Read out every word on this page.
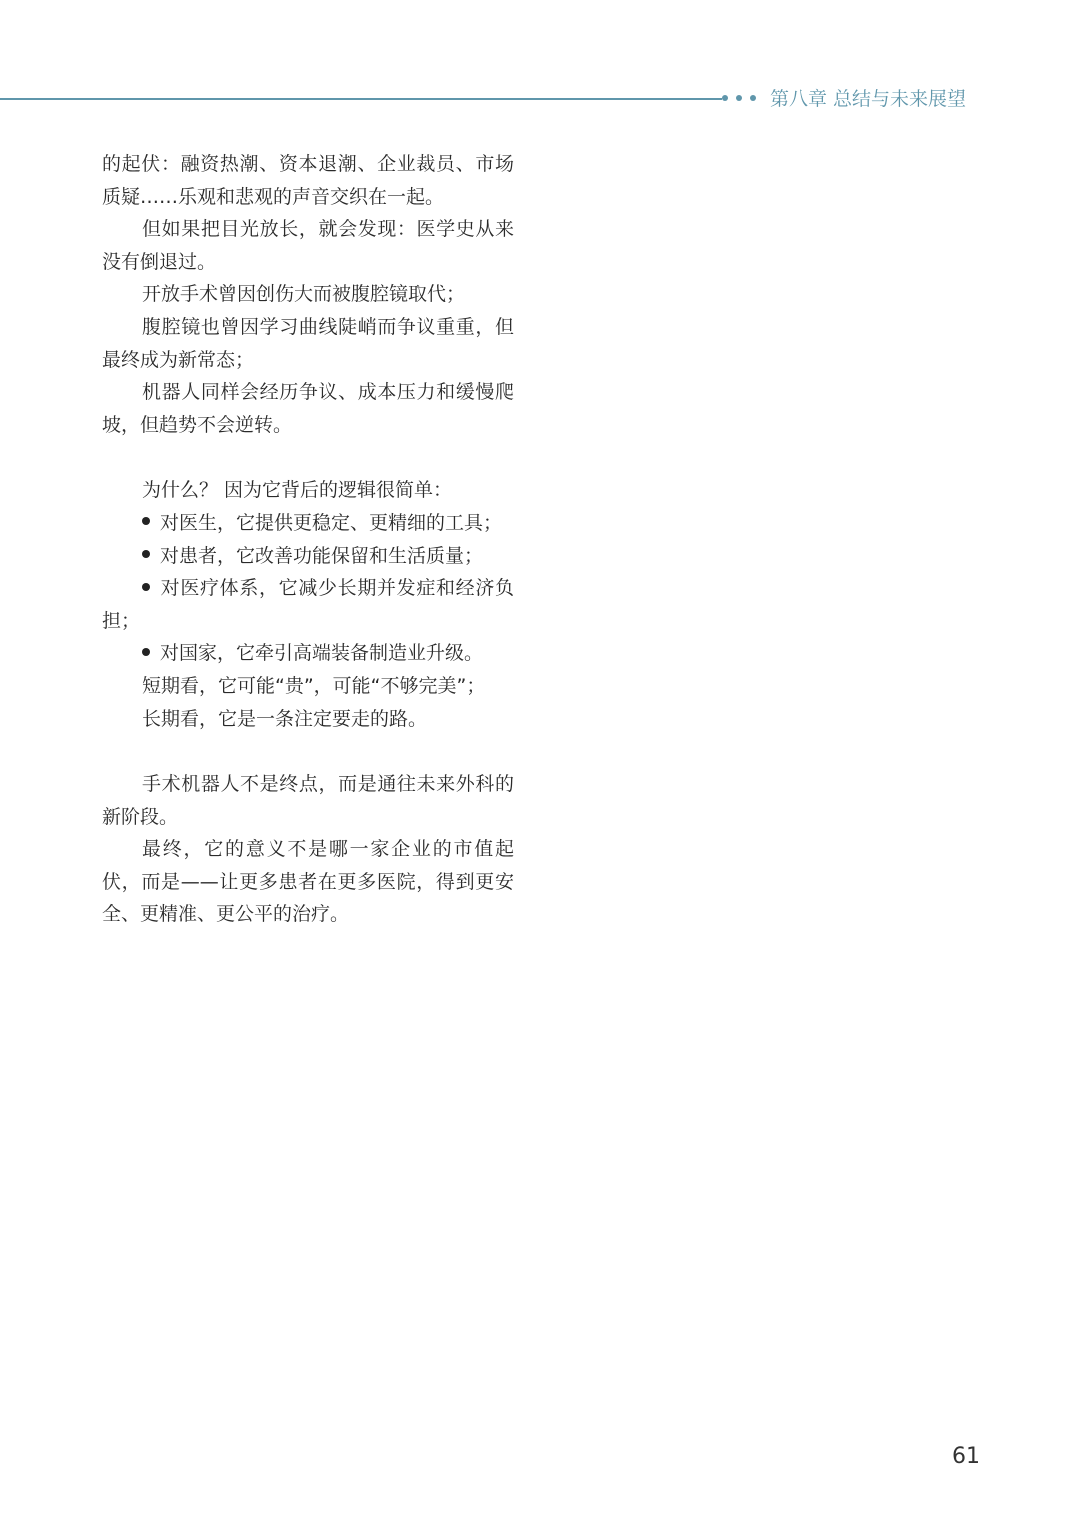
第八章 总结与未来展望

的起伏：融资热潮、资本退潮、企业裁员、市场质疑……乐观和悲观的声音交织在一起。

但如果把目光放长，就会发现：医学史从来没有倒退过。

开放手术曾因创伤大而被腹腔镜取代；

腹腔镜也曾因学习曲线陡峭而争议重重，但最终成为新常态；

机器人同样会经历争议、成本压力和缓慢爬坡，但趋势不会逆转。

为什么？ 因为它背后的逻辑很简单：

对医生，它提供更稳定、更精细的工具；

对患者，它改善功能保留和生活质量；

对医疗体系，它减少长期并发症和经济负担；

对国家，它牵引高端装备制造业升级。

短期看，它可能“贵”，可能“不够完美”；

长期看，它是一条注定要走的路。

手术机器人不是终点，而是通往未来外科的新阶段。

最终，它的意义不是哪一家企业的市值起伏，而是——让更多患者在更多医院，得到更安全、更精准、更公平的治疗。

61
